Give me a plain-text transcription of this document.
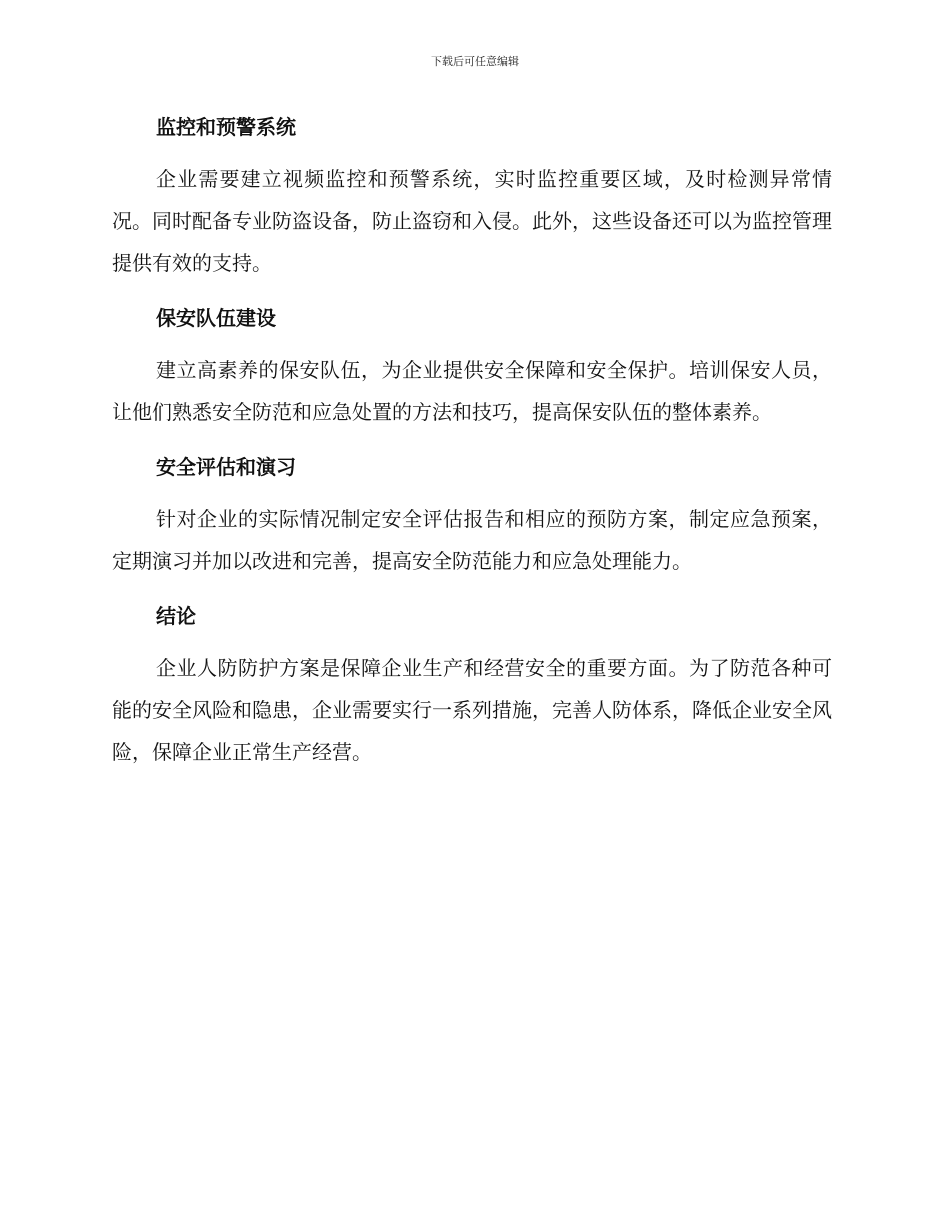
下载后可任意编辑
监控和预警系统

企业需要建立视频监控和预警系统，实时监控重要区域，及时检测异常情况。同时配备专业防盗设备，防止盗窃和入侵。此外，这些设备还可以为监控管理提供有效的支持。

保安队伍建设

建立高素养的保安队伍，为企业提供安全保障和安全保护。培训保安人员，让他们熟悉安全防范和应急处置的方法和技巧，提高保安队伍的整体素养。

安全评估和演习

针对企业的实际情况制定安全评估报告和相应的预防方案，制定应急预案，定期演习并加以改进和完善，提高安全防范能力和应急处理能力。

结论

企业人防防护方案是保障企业生产和经营安全的重要方面。为了防范各种可能的安全风险和隐患，企业需要实行一系列措施，完善人防体系，降低企业安全风险，保障企业正常生产经营。
